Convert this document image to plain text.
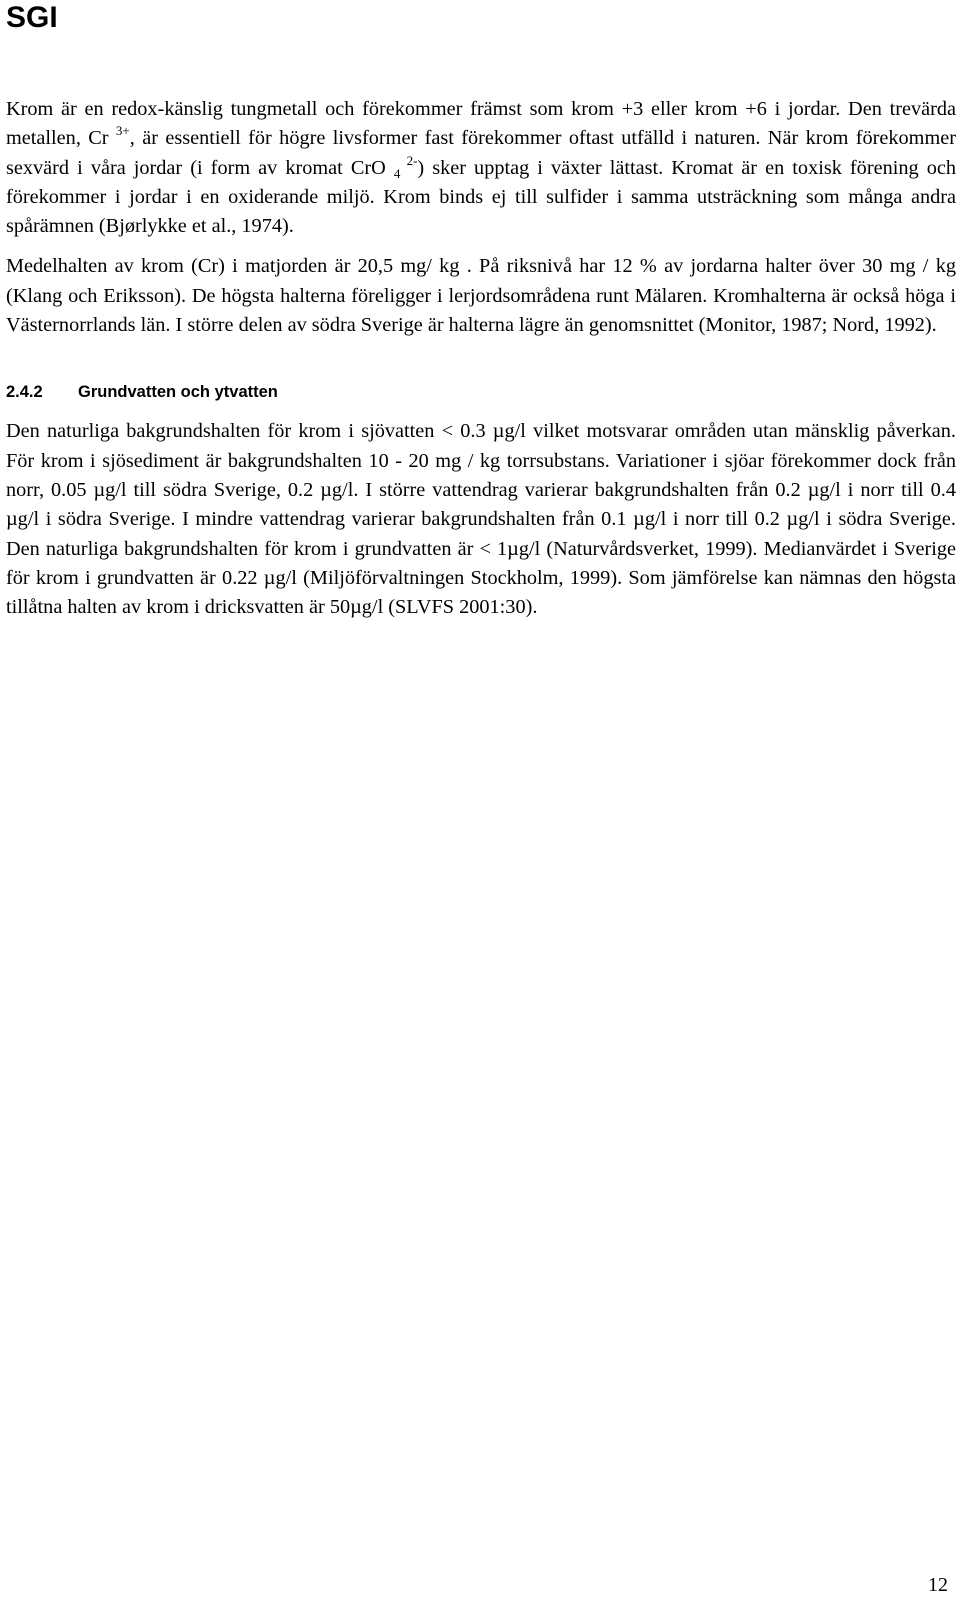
SGI

Krom är en redox-känslig tungmetall och förekommer främst som krom +3 eller krom +6 i jordar. Den trevärda metallen, Cr $^{3+}$, är essentiell för högre livsformer fast förekommer oftast utfälld i naturen. När krom förekommer sexvärd i våra jordar (i form av kromat CrO $_4$ $^{2-}$) sker upptag i växter lättast. Kromat är en toxisk förening och förekommer i jordar i en oxiderande miljö. Krom binds ej till sulfider i samma utsträckning som många andra spårämnen (Bjørlykke et al., 1974).

Medelhalten av krom (Cr) i matjorden är 20,5 mg/ kg . På riksnivå har 12 % av jordarna halter över 30 mg / kg (Klang och Eriksson). De högsta halterna föreligger i lerjordsområdena runt Mälaren. Kromhalterna är också höga i Västernorrlands län. I större delen av södra Sverige är halterna lägre än genomsnittet (Monitor, 1987; Nord, 1992).

2.4.2 Grundvatten och ytvatten

Den naturliga bakgrundshalten för krom i sjövatten < 0.3 µg/l vilket motsvarar områden utan mänsklig påverkan. För krom i sjösediment är bakgrundshalten 10 - 20 mg / kg torrsubstans. Variationer i sjöar förekommer dock från norr, 0.05 µg/l till södra Sverige, 0.2 µg/l. I större vattendrag varierar bakgrundshalten från 0.2 µg/l i norr till 0.4 µg/l i södra Sverige. I mindre vattendrag varierar bakgrundshalten från 0.1 µg/l i norr till 0.2 µg/l i södra Sverige. Den naturliga bakgrundshalten för krom i grundvatten är < 1µg/l (Naturvårdsverket, 1999). Medianvärdet i Sverige för krom i grundvatten är 0.22 µg/l (Miljöförvaltningen Stockholm, 1999). Som jämförelse kan nämnas den högsta tillåtna halten av krom i dricksvatten är 50µg/l (SLVFS 2001:30).

12
